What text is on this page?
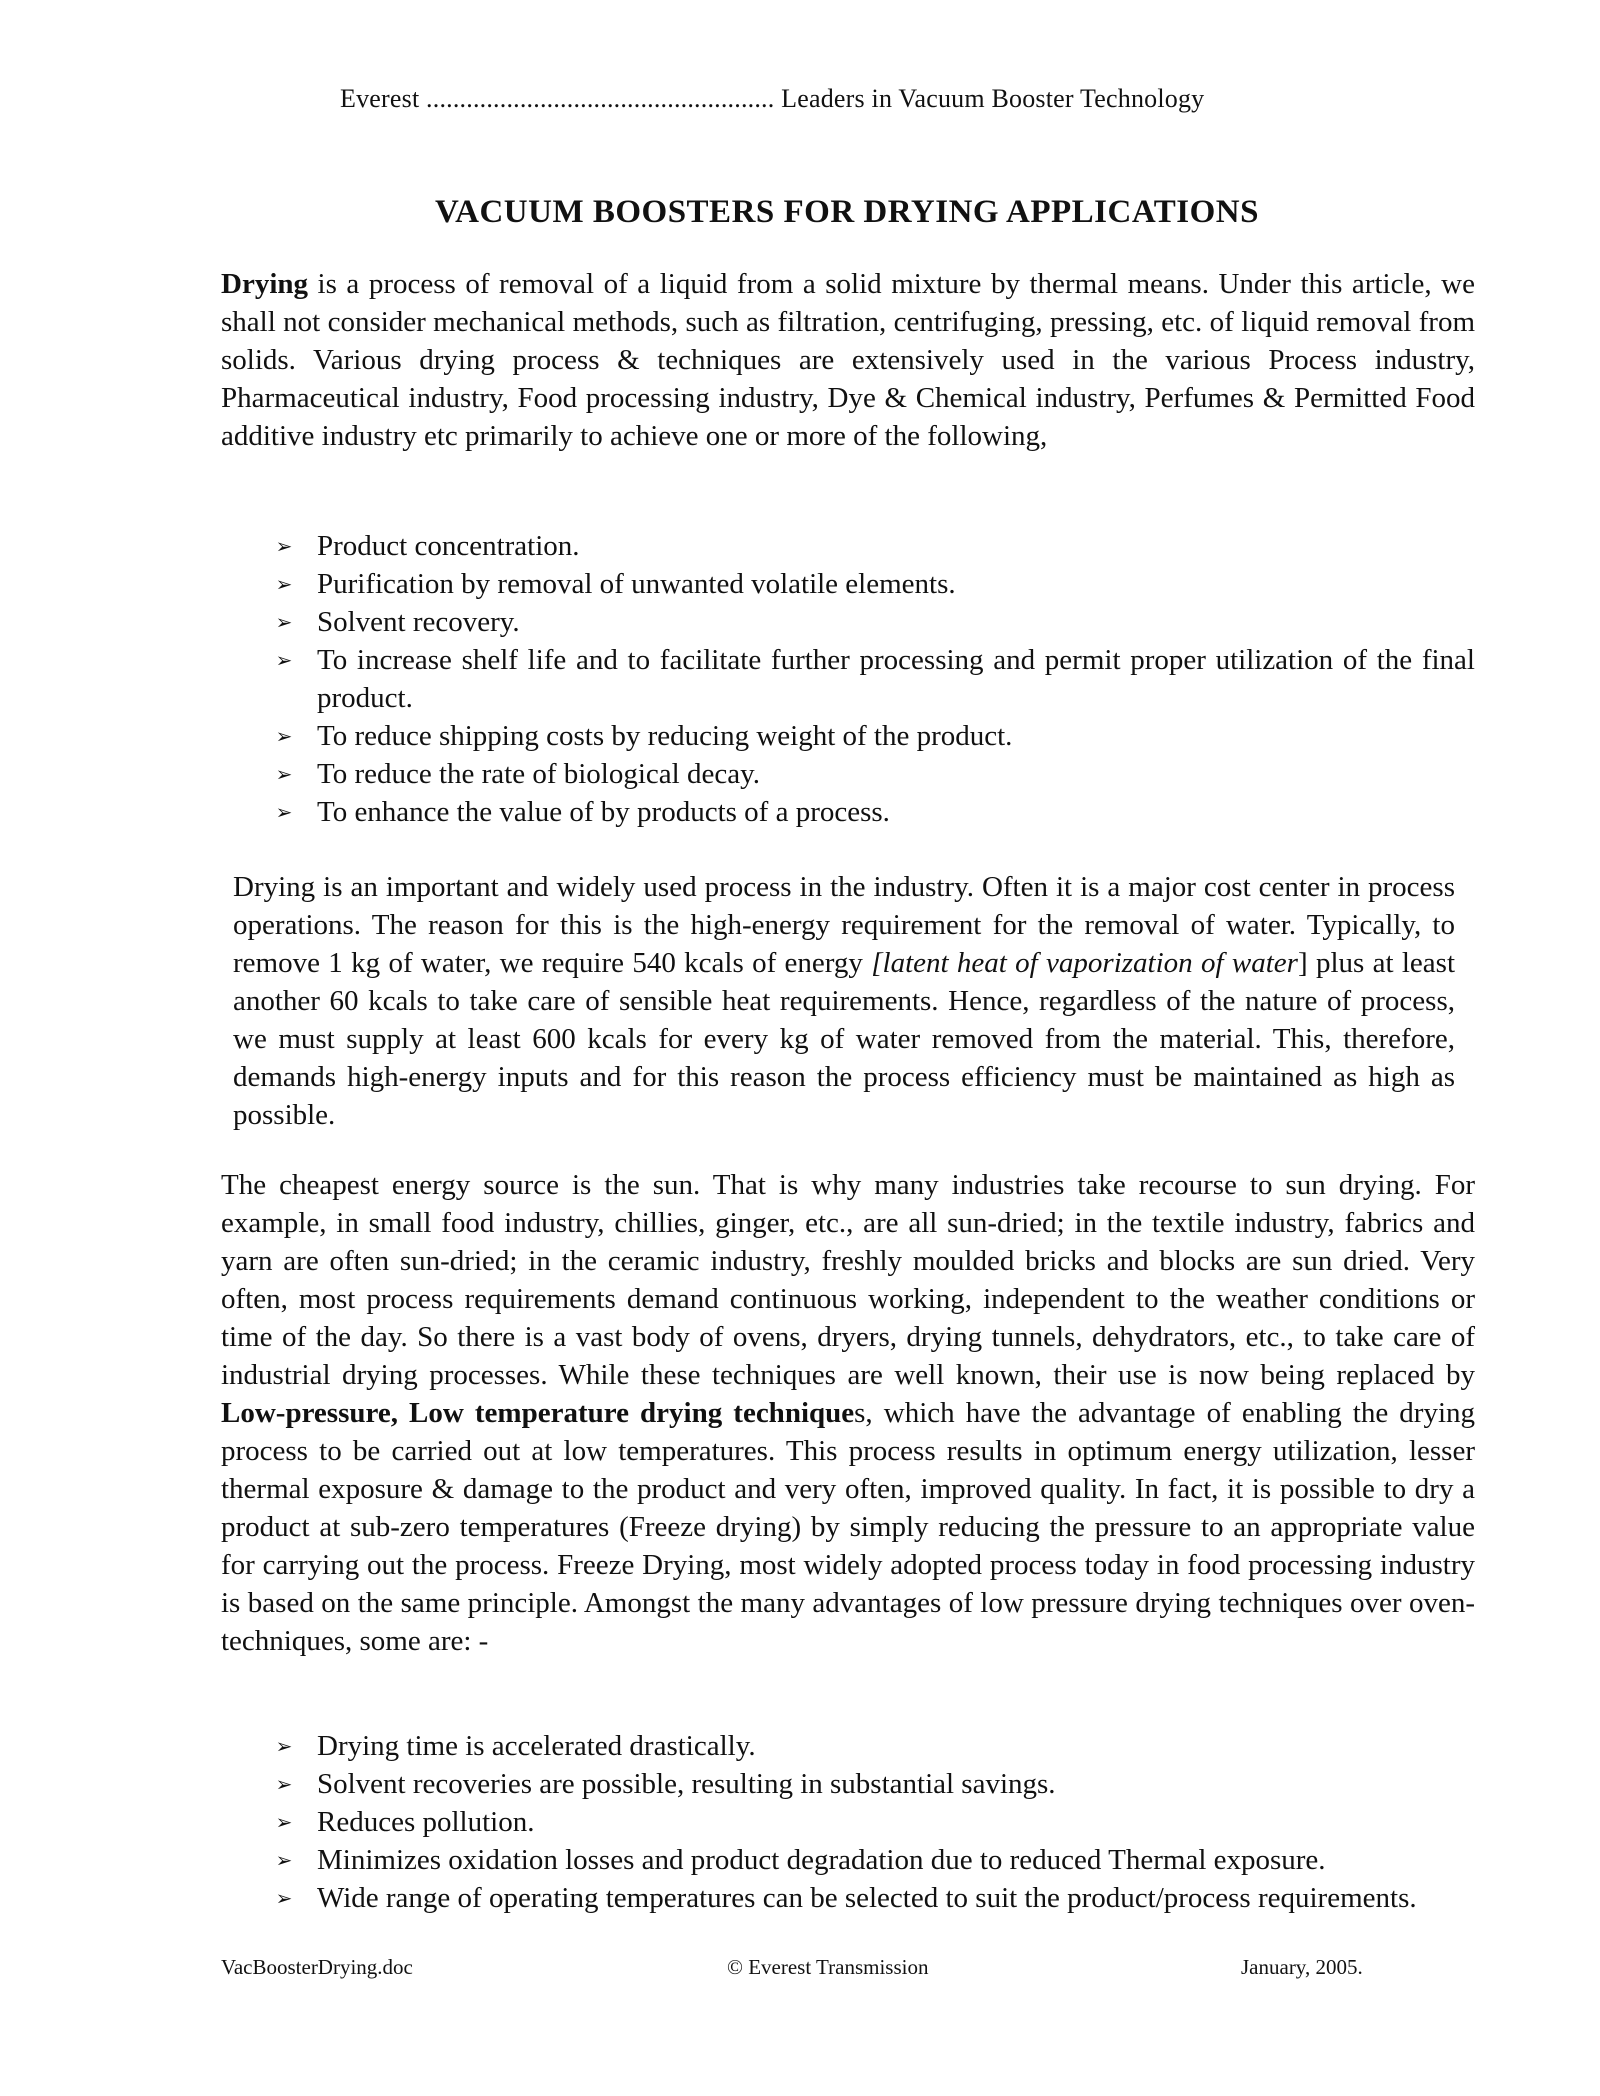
Everest .................................................... Leaders in Vacuum Booster Technology
VACUUM BOOSTERS FOR DRYING APPLICATIONS

Drying is a process of removal of a liquid from a solid mixture by thermal means. Under this article, we shall not consider mechanical methods, such as filtration, centrifuging, pressing, etc. of liquid removal from solids. Various drying process & techniques are extensively used in the various Process industry, Pharmaceutical industry, Food processing industry, Dye & Chemical industry, Perfumes & Permitted Food additive industry etc primarily to achieve one or more of the following,

➢ Product concentration.
➢ Purification by removal of unwanted volatile elements.
➢ Solvent recovery.
➢ To increase shelf life and to facilitate further processing and permit proper utilization of the final product.
➢ To reduce shipping costs by reducing weight of the product.
➢ To reduce the rate of biological decay.
➢ To enhance the value of by products of a process.

Drying is an important and widely used process in the industry. Often it is a major cost center in process operations. The reason for this is the high-energy requirement for the removal of water. Typically, to remove 1 kg of water, we require 540 kcals of energy [latent heat of vaporization of water] plus at least another 60 kcals to take care of sensible heat requirements. Hence, regardless of the nature of process, we must supply at least 600 kcals for every kg of water removed from the material. This, therefore, demands high-energy inputs and for this reason the process efficiency must be maintained as high as possible.

The cheapest energy source is the sun. That is why many industries take recourse to sun drying. For example, in small food industry, chillies, ginger, etc., are all sun-dried; in the textile industry, fabrics and yarn are often sun-dried; in the ceramic industry, freshly moulded bricks and blocks are sun dried. Very often, most process requirements demand continuous working, independent to the weather conditions or time of the day. So there is a vast body of ovens, dryers, drying tunnels, dehydrators, etc., to take care of industrial drying processes. While these techniques are well known, their use is now being replaced by Low-pressure, Low temperature drying techniques, which have the advantage of enabling the drying process to be carried out at low temperatures. This process results in optimum energy utilization, lesser thermal exposure & damage to the product and very often, improved quality. In fact, it is possible to dry a product at sub-zero temperatures (Freeze drying) by simply reducing the pressure to an appropriate value for carrying out the process. Freeze Drying, most widely adopted process today in food processing industry is based on the same principle. Amongst the many advantages of low pressure drying techniques over oven-techniques, some are: -

➢ Drying time is accelerated drastically.
➢ Solvent recoveries are possible, resulting in substantial savings.
➢ Reduces pollution.
➢ Minimizes oxidation losses and product degradation due to reduced Thermal exposure.
➢ Wide range of operating temperatures can be selected to suit the product/process requirements.
VacBoosterDrying.doc	© Everest Transmission	January, 2005.
